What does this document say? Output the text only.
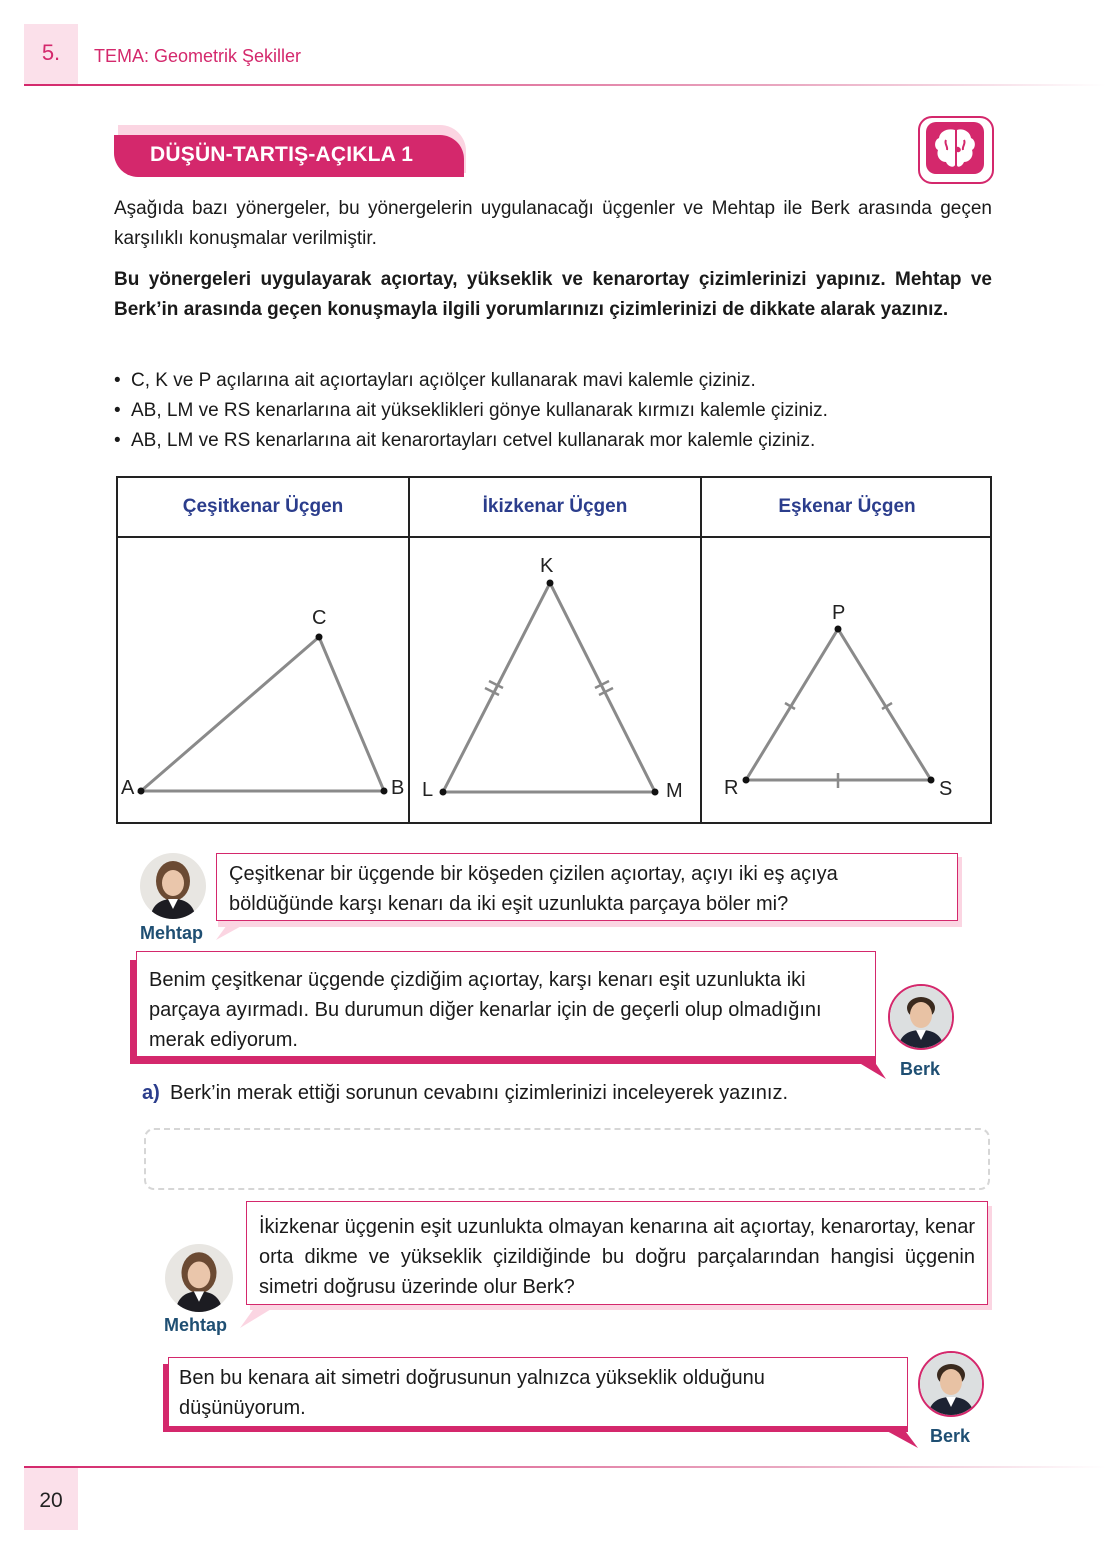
5.	TEMA: Geometrik Şekiller
DÜŞÜN-TARTIŞ-AÇIKLA 1
Aşağıda bazı yönergeler, bu yönergelerin uygulanacağı üçgenler ve Mehtap ile Berk arasında geçen karşılıklı konuşmalar verilmiştir.
Bu yönergeleri uygulayarak açıortay, yükseklik ve kenarortay çizimlerinizi yapınız. Mehtap ve Berk’in arasında geçen konuşmayla ilgili yorumlarınızı çizimlerinizi de dikkate alarak yazınız.
• C, K ve P açılarına ait açıortayları açıölçer kullanarak mavi kalemle çiziniz.
• AB, LM ve RS kenarlarına ait yükseklikleri gönye kullanarak kırmızı kalemle çiziniz.
• AB, LM ve RS kenarlarına ait kenarortayları cetvel kullanarak mor kalemle çiziniz.
Çeşitkenar Üçgen	İkizkenar Üçgen	Eşkenar Üçgen
A	B
C
L	M
K
R	S
P
Mehtap
Çeşitkenar bir üçgende bir köşeden çizilen açıortay, açıyı iki eş açıya böldüğünde karşı kenarı da iki eşit uzunlukta parçaya böler mi?
Benim çeşitkenar üçgende çizdiğim açıortay, karşı kenarı eşit uzunlukta iki parçaya ayırmadı. Bu durumun diğer kenarlar için de geçerli olup olmadığını merak ediyorum.
Berk
a) Berk’in merak ettiği sorunun cevabını çizimlerinizi inceleyerek yazınız.
İkizkenar üçgenin eşit uzunlukta olmayan kenarına ait açıortay, kenarortay, kenar orta dikme ve yükseklik çizildiğinde bu doğru parçalarından hangisi üçgenin simetri doğrusu üzerinde olur Berk?
Mehtap
Ben bu kenara ait simetri doğrusunun yalnızca yükseklik olduğunu düşünüyorum.
Berk
20
